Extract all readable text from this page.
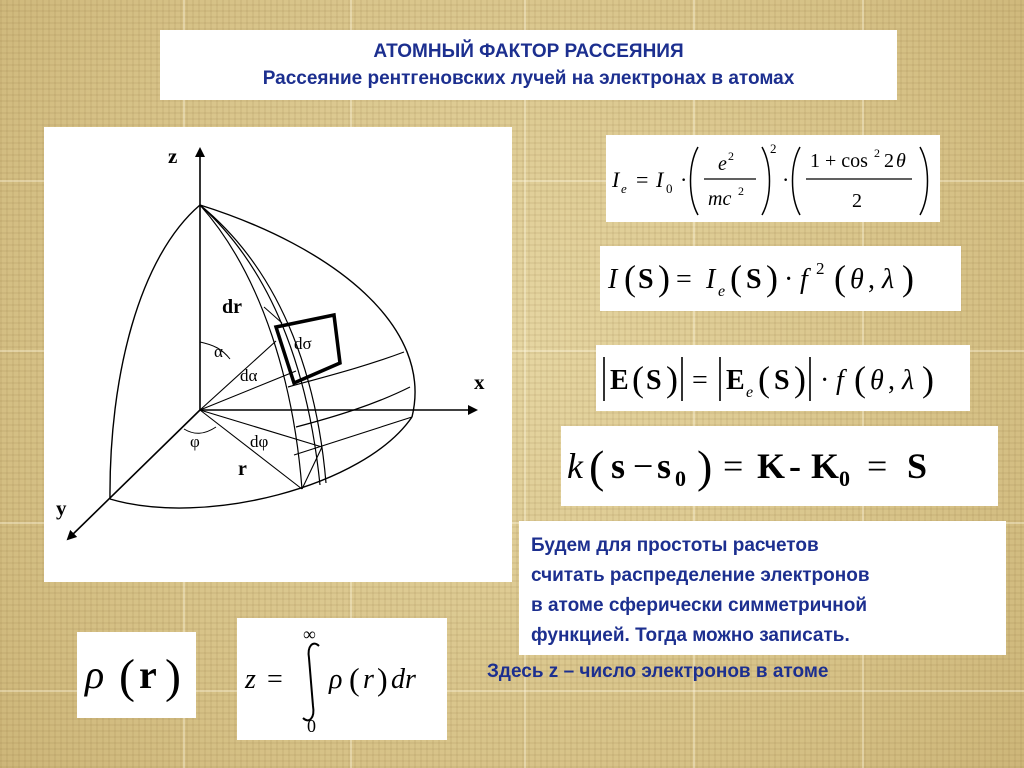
АТОМНЫЙ ФАКТОР РАССЕЯНИЯ
Рассеяние рентгеновских лучей на электронах в атомах
z
x
y
dr
dσ
α
dα
φ	dφ
r
I e = I 0 ·
e 2
mc 2
2
·
1 + cos 2 2 θ
2
I ( S ) = I e ( S ) · f 2 ( θ , λ )
E ( S ) = E e ( S ) · f ( θ , λ )
k ( s − s 0 ) = K - K 0 = S

Будем для простоты расчетов

считать распределение электронов

в атоме сферически симметричной

функцией. Тогда можно записать.

ρ ( r ) z =
∞
0
ρ ( r ) dr	Здесь z – число электронов в атоме
